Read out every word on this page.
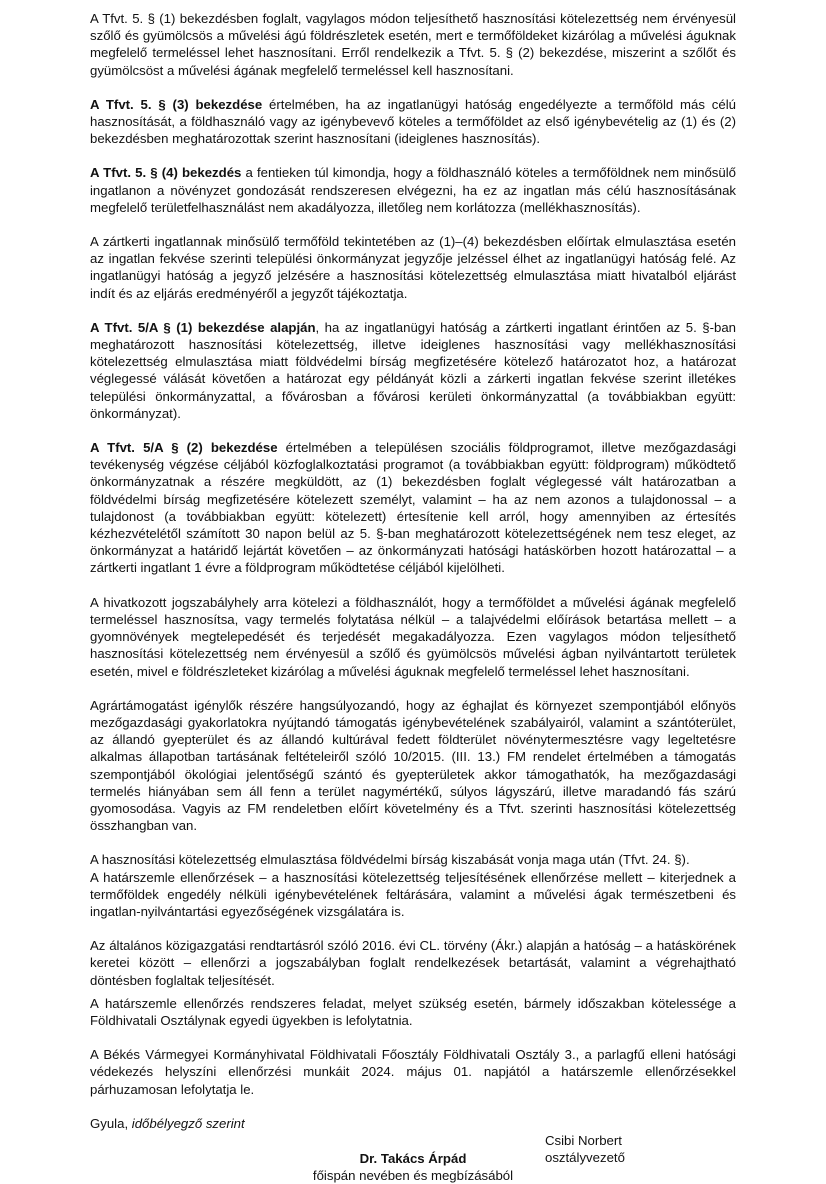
A Tfvt. 5. § (1) bekezdésben foglalt, vagylagos módon teljesíthető hasznosítási kötelezettség nem érvényesül szőlő és gyümölcsös a művelési ágú földrészletek esetén, mert e termőföldeket kizárólag a művelési águknak megfelelő termeléssel lehet hasznosítani. Erről rendelkezik a Tfvt. 5. § (2) bekezdése, miszerint a szőlőt és gyümölcsöst a művelési ágának megfelelő termeléssel kell hasznosítani.

A Tfvt. 5. § (3) bekezdése értelmében, ha az ingatlanügyi hatóság engedélyezte a termőföld más célú hasznosítását, a földhasználó vagy az igénybevevő köteles a termőföldet az első igénybevételig az (1) és (2) bekezdésben meghatározottak szerint hasznosítani (ideiglenes hasznosítás).

A Tfvt. 5. § (4) bekezdés a fentieken túl kimondja, hogy a földhasználó köteles a termőföldnek nem minősülő ingatlanon a növényzet gondozását rendszeresen elvégezni, ha ez az ingatlan más célú hasznosításának megfelelő területfelhasználást nem akadályozza, illetőleg nem korlátozza (mellékhasznosítás).

A zártkerti ingatlannak minősülő termőföld tekintetében az (1)–(4) bekezdésben előírtak elmulasztása esetén az ingatlan fekvése szerinti települési önkormányzat jegyzője jelzéssel élhet az ingatlanügyi hatóság felé. Az ingatlanügyi hatóság a jegyző jelzésére a hasznosítási kötelezettség elmulasztása miatt hivatalból eljárást indít és az eljárás eredményéről a jegyzőt tájékoztatja.

A Tfvt. 5/A § (1) bekezdése alapján, ha az ingatlanügyi hatóság a zártkerti ingatlant érintően az 5. §-ban meghatározott hasznosítási kötelezettség, illetve ideiglenes hasznosítási vagy mellékhasznosítási kötelezettség elmulasztása miatt földvédelmi bírság megfizetésére kötelező határozatot hoz, a határozat véglegessé válását követően a határozat egy példányát közli a zárkerti ingatlan fekvése szerint illetékes települési önkormányzattal, a fővárosban a fővárosi kerületi önkormányzattal (a továbbiakban együtt: önkormányzat).

A Tfvt. 5/A § (2) bekezdése értelmében a településen szociális földprogramot, illetve mezőgazdasági tevékenység végzése céljából közfoglalkoztatási programot (a továbbiakban együtt: földprogram) működtető önkormányzatnak a részére megküldött, az (1) bekezdésben foglalt véglegessé vált határozatban a földvédelmi bírság megfizetésére kötelezett személyt, valamint – ha az nem azonos a tulajdonossal – a tulajdonost (a továbbiakban együtt: kötelezett) értesítenie kell arról, hogy amennyiben az értesítés kézhezvételétől számított 30 napon belül az 5. §-ban meghatározott kötelezettségének nem tesz eleget, az önkormányzat a határidő lejártát követően – az önkormányzati hatósági hatáskörben hozott határozattal – a zártkerti ingatlant 1 évre a földprogram működtetése céljából kijelölheti.

A hivatkozott jogszabályhely arra kötelezi a földhasználót, hogy a termőföldet a művelési ágának megfelelő termeléssel hasznosítsa, vagy termelés folytatása nélkül – a talajvédelmi előírások betartása mellett – a gyomnövények megtelepedését és terjedését megakadályozza. Ezen vagylagos módon teljesíthető hasznosítási kötelezettség nem érvényesül a szőlő és gyümölcsös művelési ágban nyilvántartott területek esetén, mivel e földrészleteket kizárólag a művelési águknak megfelelő termeléssel lehet hasznosítani.

Agrártámogatást igénylők részére hangsúlyozandó, hogy az éghajlat és környezet szempontjából előnyös mezőgazdasági gyakorlatokra nyújtandó támogatás igénybevételének szabályairól, valamint a szántóterület, az állandó gyepterület és az állandó kultúrával fedett földterület növénytermesztésre vagy legeltetésre alkalmas állapotban tartásának feltételeiről szóló 10/2015. (III. 13.) FM rendelet értelmében a támogatás szempontjából ökológiai jelentőségű szántó és gyepterületek akkor támogathatók, ha mezőgazdasági termelés hiányában sem áll fenn a terület nagymértékű, súlyos lágyszárú, illetve maradandó fás szárú gyomosodása. Vagyis az FM rendeletben előírt követelmény és a Tfvt. szerinti hasznosítási kötelezettség összhangban van.

A hasznosítási kötelezettség elmulasztása földvédelmi bírság kiszabását vonja maga után (Tfvt. 24. §).

A határszemle ellenőrzések – a hasznosítási kötelezettség teljesítésének ellenőrzése mellett – kiterjednek a termőföldek engedély nélküli igénybevételének feltárására, valamint a művelési ágak természetbeni és ingatlan-nyilvántartási egyezőségének vizsgálatára is.

Az általános közigazgatási rendtartásról szóló 2016. évi CL. törvény (Ákr.) alapján a hatóság – a hatáskörének keretei között – ellenőrzi a jogszabályban foglalt rendelkezések betartását, valamint a végrehajtható döntésben foglaltak teljesítését.

A határszemle ellenőrzés rendszeres feladat, melyet szükség esetén, bármely időszakban kötelessége a Földhivatali Osztálynak egyedi ügyekben is lefolytatnia.

A Békés Vármegyei Kormányhivatal Földhivatali Főosztály Földhivatali Osztály 3., a parlagfű elleni hatósági védekezés helyszíni ellenőrzési munkáit 2024. május 01. napjától a határszemle ellenőrzésekkel párhuzamosan lefolytatja le.

Gyula, időbélyegző szerint

Dr. Takács Árpád
főispán nevében és megbízásából
Csibi Norbert
osztályvezető
